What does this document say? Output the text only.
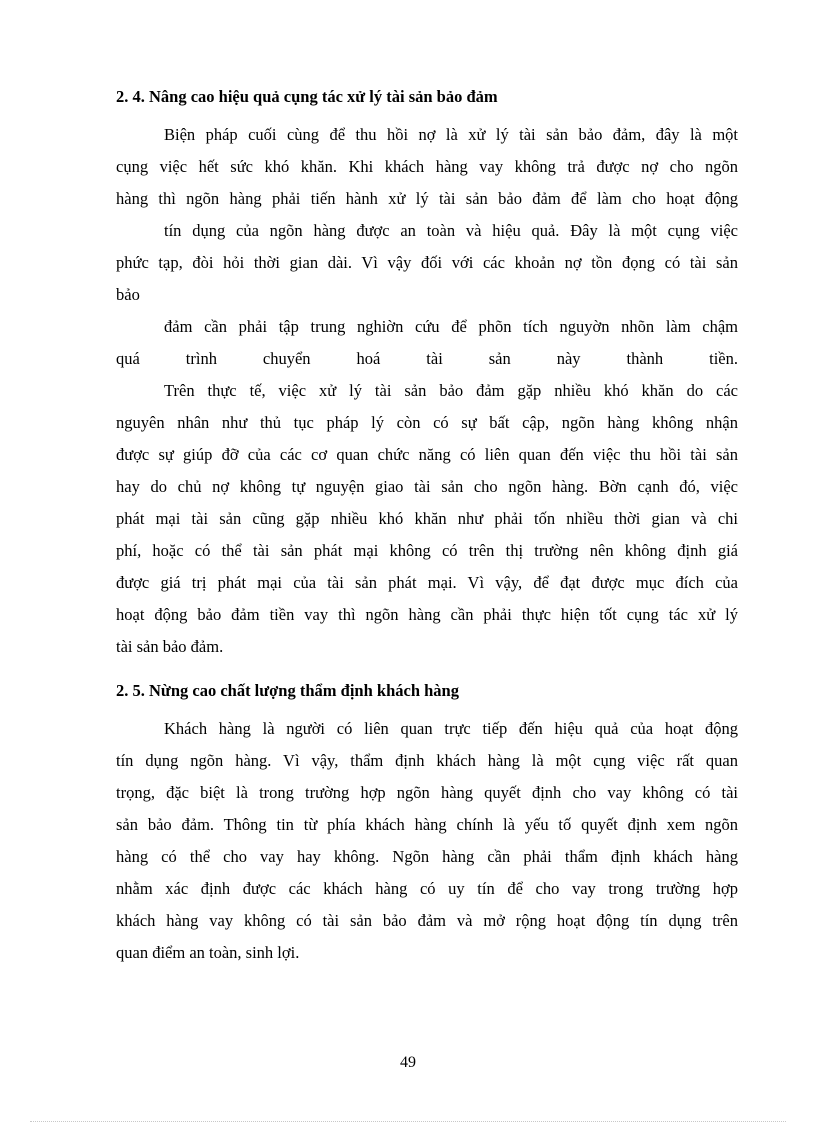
2. 4. Nâng cao hiệu quả cụng tác xử lý tài sản bảo đảm
Biện pháp cuối cùng để thu hồi nợ là xử lý tài sản bảo đảm, đây là một
cụng việc hết sức khó khăn. Khi khách hàng vay không trả được nợ cho ngõn
hàng thì ngõn hàng phải tiến hành xử lý tài sản bảo đảm để làm cho hoạt động
tín dụng của ngõn hàng được an toàn và hiệu quả. Đây là một cụng việc
phức tạp, đòi hỏi thời gian dài. Vì vậy đối với các khoản nợ tồn đọng có tài sản
bảo
đảm cần phải tập trung nghiờn cứu để phõn tích nguyờn nhõn làm chậm
quá trình chuyển hoá tài sản này thành tiền.
Trên thực tế, việc xử lý tài sản bảo đảm gặp nhiều khó khăn do các
nguyên nhân như thủ tục pháp lý còn có sự bất cập, ngõn hàng không nhận
được sự giúp đỡ của các cơ quan chức năng có liên quan đến việc thu hồi tài sản
hay do chủ nợ không tự nguyện giao tài sản cho ngõn hàng. Bờn cạnh đó, việc
phát mại tài sản cũng gặp nhiều khó khăn như phải tốn nhiều thời gian và chi
phí, hoặc có thể tài sản phát mại không có trên thị trường nên không định giá
được giá trị phát mại của tài sản phát mại. Vì vậy, để đạt được mục đích của
hoạt động bảo đảm tiền vay thì ngõn hàng cần phải thực hiện tốt cụng tác xử lý
tài sản bảo đảm.
2. 5. Nừng cao chất lượng thẩm định khách hàng
Khách hàng là người có liên quan trực tiếp đến hiệu quả của hoạt động
tín dụng ngõn hàng. Vì vậy, thẩm định khách hàng là một cụng việc rất quan
trọng, đặc biệt là trong trường hợp ngõn hàng quyết định cho vay không có tài
sản bảo đảm. Thông tin từ phía khách hàng chính là yếu tố quyết định xem ngõn
hàng có thể cho vay hay không. Ngõn hàng cần phải thẩm định khách hàng
nhằm xác định được các khách hàng có uy tín để cho vay trong trường hợp
khách hàng vay không có tài sản bảo đảm và mở rộng hoạt động tín dụng trên
quan điểm an toàn, sinh lợi.
49
